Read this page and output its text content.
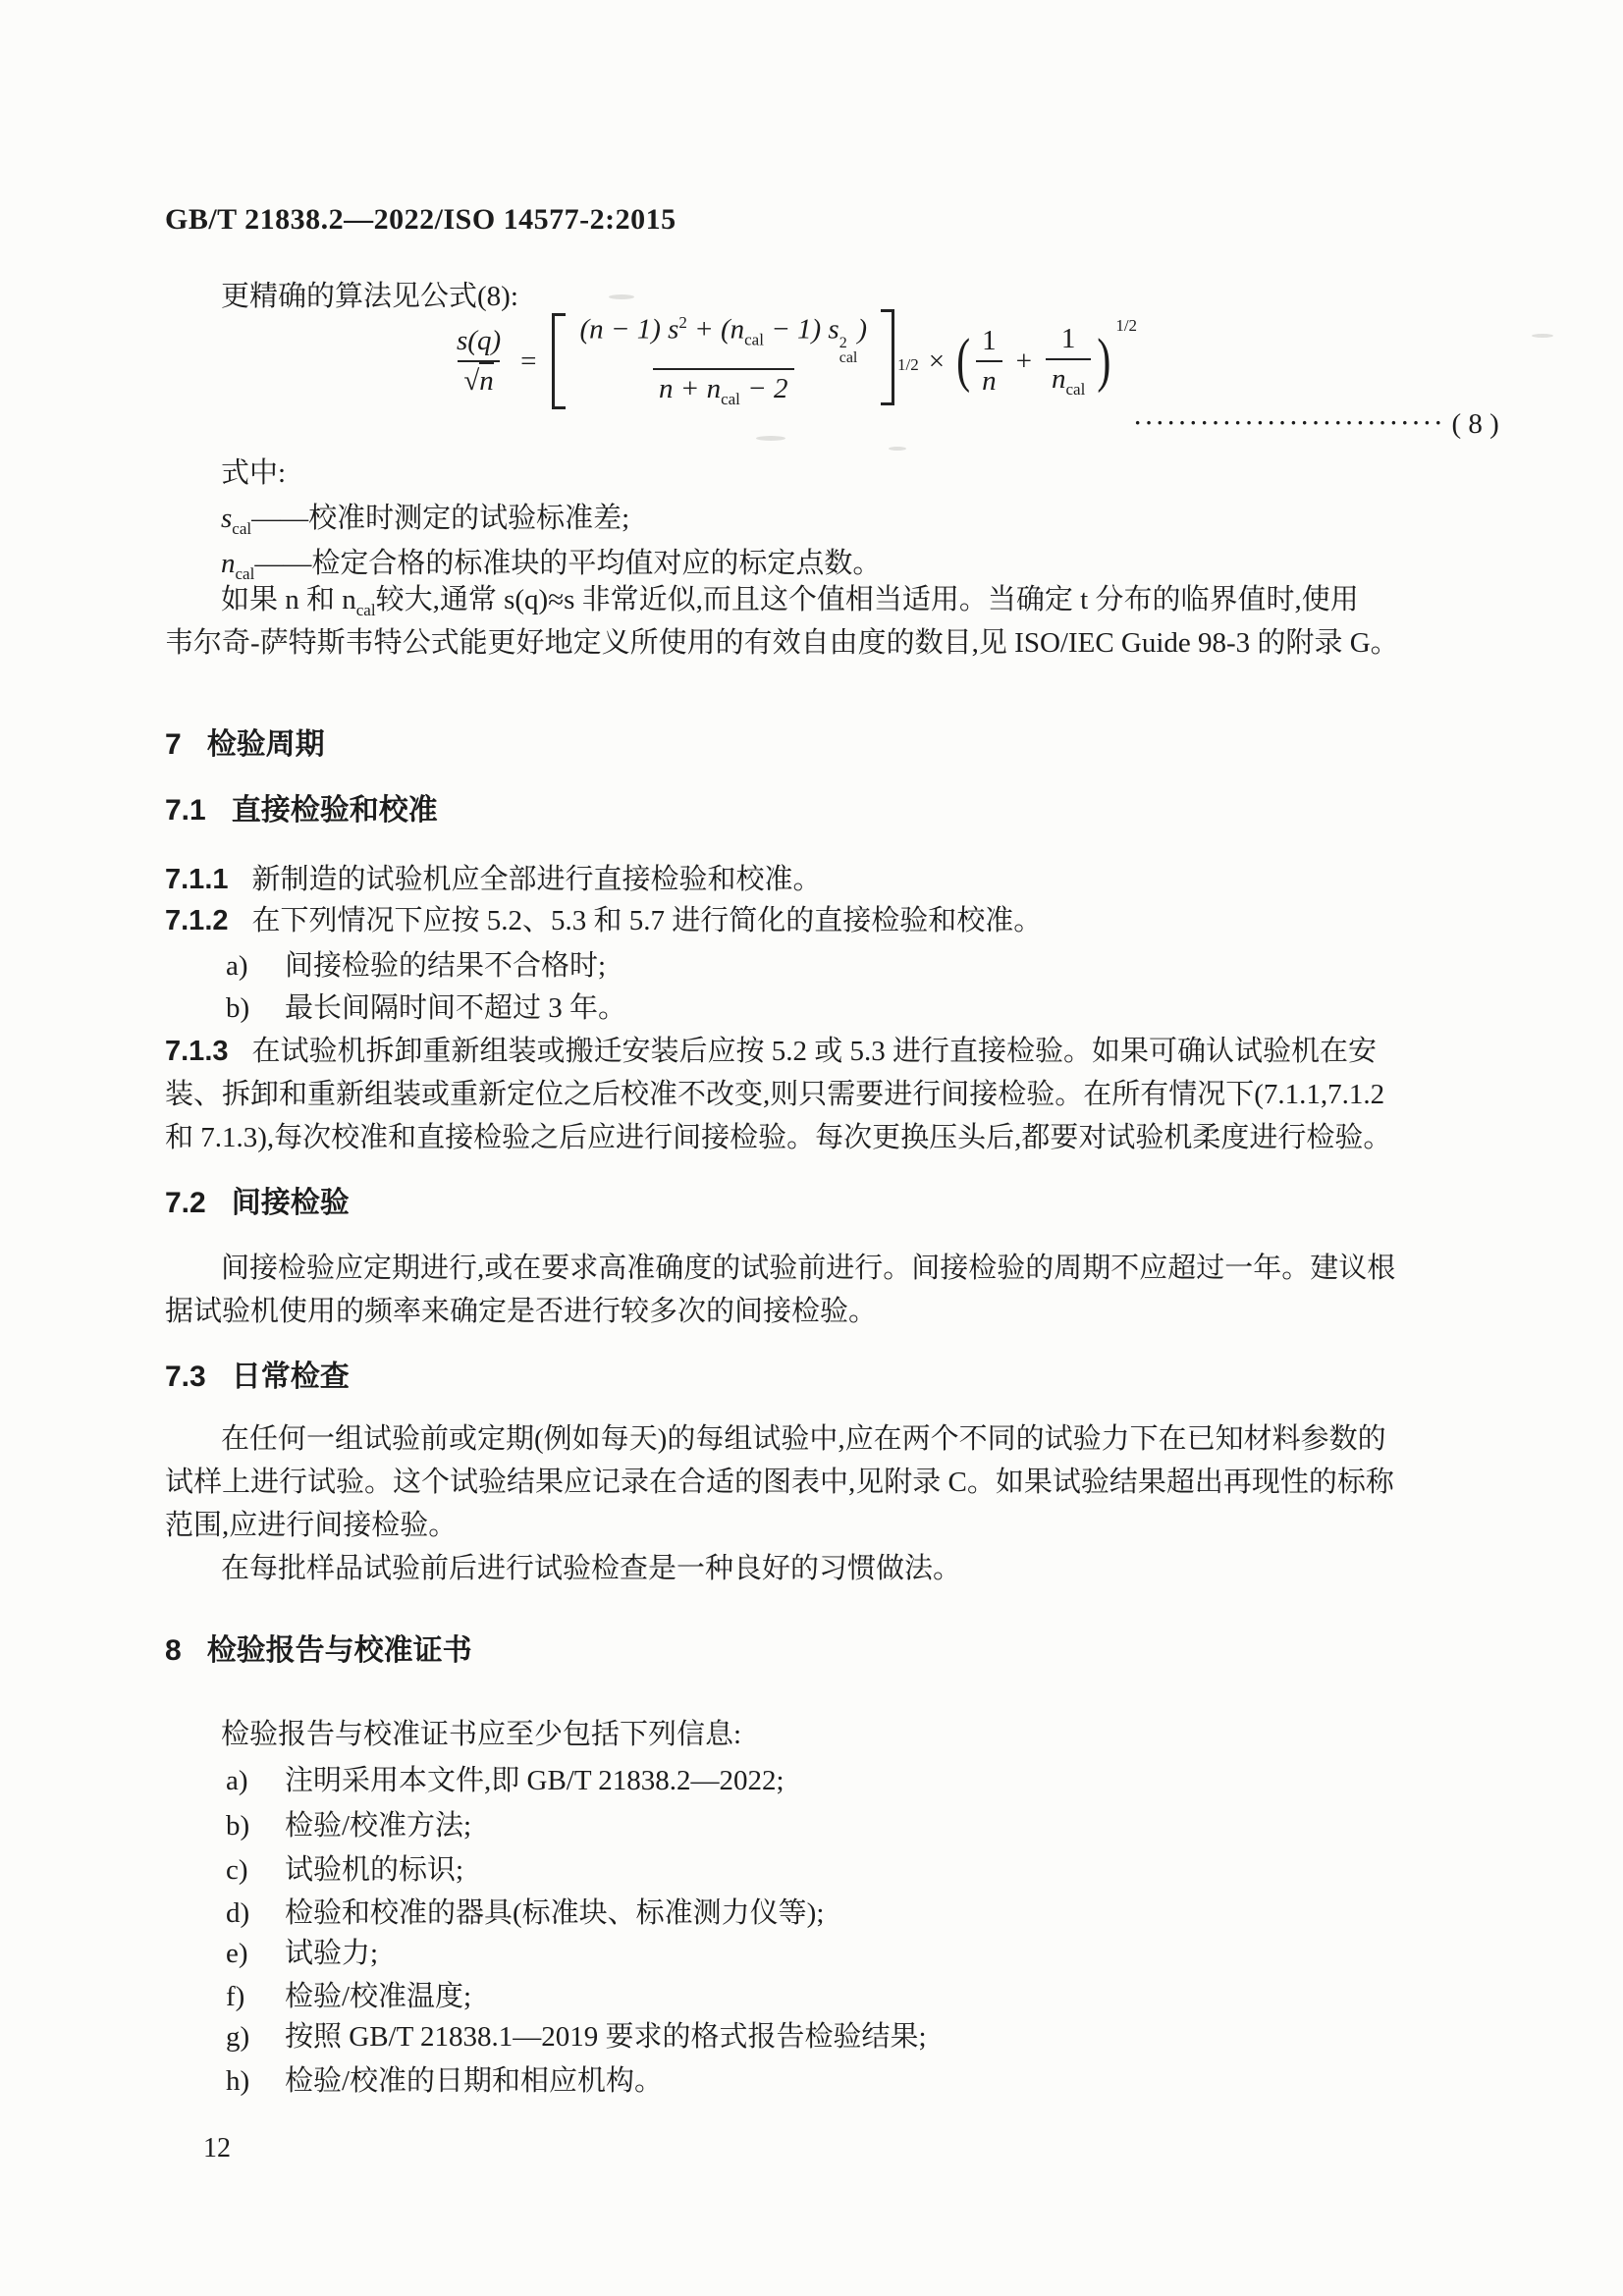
GB/T 21838.2—2022/ISO 14577-2:2015
更精确的算法见公式(8):
$\frac{s(q)}{√n} = (n - 1) s^2 + (n_{cal} - 1)$ s 2
cal
)
$n + n_{cal} - 2$	$^{1/2}$ × ( $\frac{1}{n} + \frac{1}{n_{cal}}$ )
1/2
···························· ( 8 )
式中:
$s_{cal}——$校准时测定的试验标准差;
$n_{cal}——$检定合格的标准块的平均值对应的标定点数。
如果 n 和 $n_{cal}$较大,通常 s(q)≈s 非常近似,而且这个值相当适用。当确定 t 分布的临界值时,使用
韦尔奇-萨特斯韦特公式能更好地定义所使用的有效自由度的数目,见 ISO/IEC Guide 98-3 的附录 G。
7 检验周期
7.1 直接检验和校准
7.1.1 新制造的试验机应全部进行直接检验和校准。
7.1.2 在下列情况下应按 5.2、5.3 和 5.7 进行简化的直接检验和校准。
a) 间接检验的结果不合格时;
b) 最长间隔时间不超过 3 年。
7.1.3 在试验机拆卸重新组装或搬迁安装后应按 5.2 或 5.3 进行直接检验。如果可确认试验机在安
装、拆卸和重新组装或重新定位之后校准不改变,则只需要进行间接检验。在所有情况下(7.1.1,7.1.2
和 7.1.3),每次校准和直接检验之后应进行间接检验。每次更换压头后,都要对试验机柔度进行检验。
7.2 间接检验
间接检验应定期进行,或在要求高准确度的试验前进行。间接检验的周期不应超过一年。建议根
据试验机使用的频率来确定是否进行较多次的间接检验。
7.3 日常检查
在任何一组试验前或定期(例如每天)的每组试验中,应在两个不同的试验力下在已知材料参数的
试样上进行试验。这个试验结果应记录在合适的图表中,见附录 C。如果试验结果超出再现性的标称
范围,应进行间接检验。
在每批样品试验前后进行试验检查是一种良好的习惯做法。
8 检验报告与校准证书
检验报告与校准证书应至少包括下列信息:
a) 注明采用本文件,即 GB/T 21838.2—2022;
b) 检验/校准方法;
c) 试验机的标识;
d) 检验和校准的器具(标准块、标准测力仪等);
e) 试验力;
f) 检验/校准温度;
g) 按照 GB/T 21838.1—2019 要求的格式报告检验结果;
h) 检验/校准的日期和相应机构。
12
